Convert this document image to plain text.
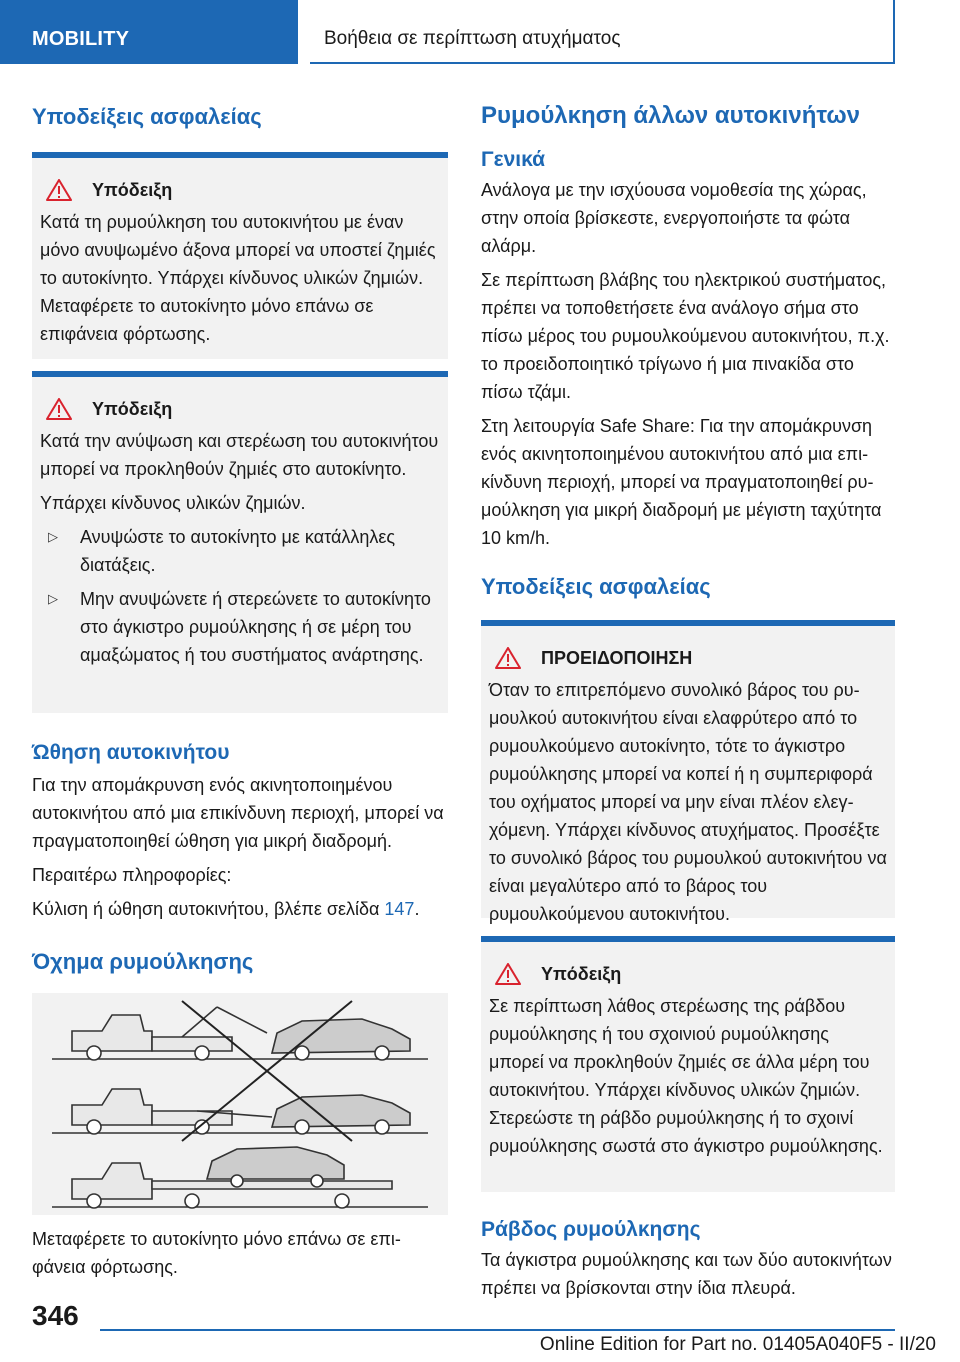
MOBILITY	Βοήθεια σε περίπτωση ατυχήματος
Υποδείξεις ασφαλείας
Υπόδειξη

Κατά τη ρυμούλκηση του αυτοκινήτου με έναν μόνο ανυψωμένο άξονα μπορεί να υποστεί ζημιές το αυτοκίνητο. Υπάρχει κίνδυνος υλικών ζημιών. Μεταφέρετε το αυτοκίνητο μόνο επάνω σε επιφάνεια φόρτωσης.

Υπόδειξη

Κατά την ανύψωση και στερέωση του αυτοκινήτου μπορεί να προκληθούν ζημιές στο αυτοκίνητο.

Υπάρχει κίνδυνος υλικών ζημιών.

▷	Ανυψώστε το αυτοκίνητο με κατάλληλες διατάξεις.
▷	Μην ανυψώνετε ή στερεώνετε το αυτοκίνητο στο άγκιστρο ρυμούλκησης ή σε μέρη του αμαξώματος ή του συστήματος ανάρτησης.
Ώθηση αυτοκινήτου

Για την απομάκρυνση ενός ακινητοποιημένου αυτοκινήτου από μια επικίνδυνη περιοχή, μπορεί να πραγματοποιηθεί ώθηση για μικρή διαδρομή.

Περαιτέρω πληροφορίες:

Κύλιση ή ώθηση αυτοκινήτου, βλέπε σελίδα 147.

Όχημα ρυμούλκησης

Μεταφέρετε το αυτοκίνητο μόνο επάνω σε επιφάνεια φόρτωσης.

Ρυμούλκηση άλλων αυτοκινήτων
Γενικά

Ανάλογα με την ισχύουσα νομοθεσία της χώρας, στην οποία βρίσκεστε, ενεργοποιήστε τα φώτα αλάρμ.

Σε περίπτωση βλάβης του ηλεκτρικού συστήματος, πρέπει να τοποθετήσετε ένα ανάλογο σήμα στο πίσω μέρος του ρυμουλκούμενου αυτοκινήτου, π.χ. το προειδοποιητικό τρίγωνο ή μια πινακίδα στο πίσω τζάμι.

Στη λειτουργία Safe Share: Για την απομάκρυνση ενός ακινητοποιημένου αυτοκινήτου από μια επικίνδυνη περιοχή, μπορεί να πραγματοποιηθεί ρυμούλκηση για μικρή διαδρομή με μέγιστη ταχύτητα 10 km/h.

Υποδείξεις ασφαλείας
ΠΡΟΕΙΔΟΠΟΙΗΣΗ

Όταν το επιτρεπόμενο συνολικό βάρος του ρυμουλκού αυτοκινήτου είναι ελαφρύτερο από το ρυμουλκούμενο αυτοκίνητο, τότε το άγκιστρο ρυμούλκησης μπορεί να κοπεί ή η συμπεριφορά του οχήματος μπορεί να μην είναι πλέον ελεγχόμενη. Υπάρχει κίνδυνος ατυχήματος. Προσέξτε το συνολικό βάρος του ρυμουλκού αυτοκινήτου να είναι μεγαλύτερο από το βάρος του ρυμουλκούμενου αυτοκινήτου.

Υπόδειξη

Σε περίπτωση λάθος στερέωσης της ράβδου ρυμούλκησης ή του σχοινιού ρυμούλκησης μπορεί να προκληθούν ζημιές σε άλλα μέρη του αυτοκινήτου. Υπάρχει κίνδυνος υλικών ζημιών. Στερεώστε τη ράβδο ρυμούλκησης ή το σχοινί ρυμούλκησης σωστά στο άγκιστρο ρυμούλκησης.

Ράβδος ρυμούλκησης

Τα άγκιστρα ρυμούλκησης και των δύο αυτοκινήτων πρέπει να βρίσκονται στην ίδια πλευρά.

346
Online Edition for Part no. 01405A040F5 - II/20
